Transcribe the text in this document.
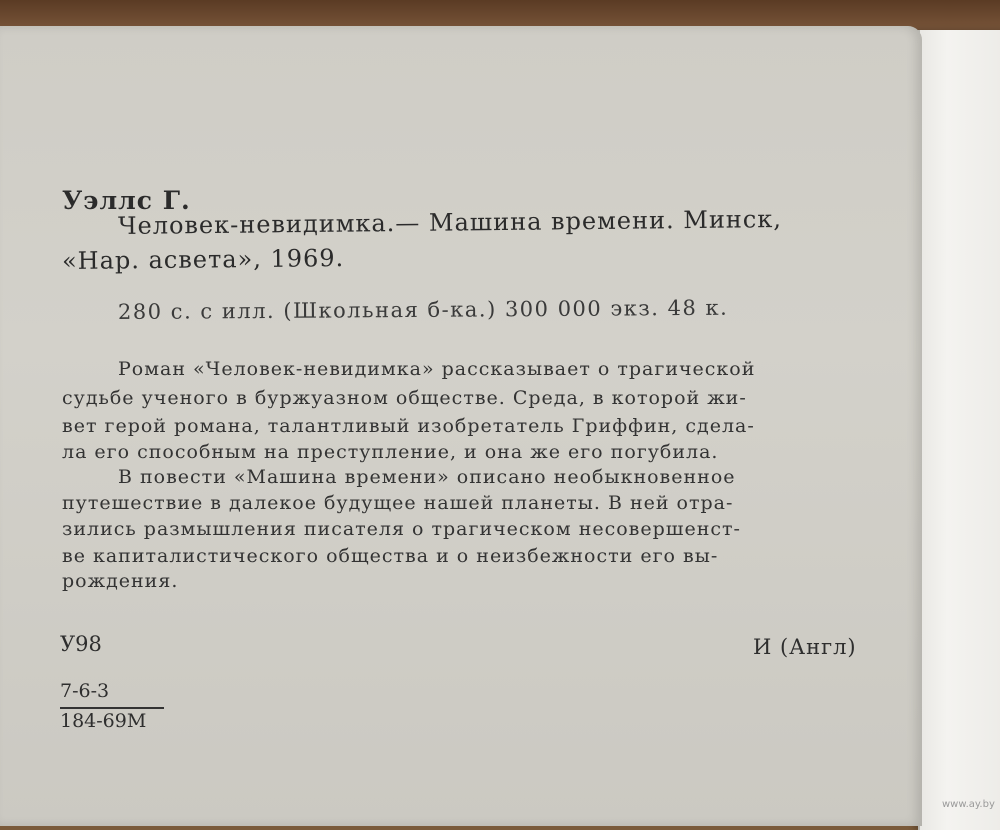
Уэллс Г.
Человек-невидимка.— Машина времени. Минск,
«Нар. асвета», 1969.
280 с. с илл. (Школьная б-ка.) 300 000 экз. 48 к.
Роман «Человек-невидимка» рассказывает о трагической
судьбе ученого в буржуазном обществе. Среда, в которой жи-
вет герой романа, талантливый изобретатель Гриффин, сдела-
ла его способным на преступление, и она же его погубила.
В повести «Машина времени» описано необыкновенное
путешествие в далекое будущее нашей планеты. В ней отра-
зились размышления писателя о трагическом несовершенст-
ве капиталистического общества и о неизбежности его вы-
рождения.
У98	И (Англ)
7-6-3
184-69М
www.ay.by
